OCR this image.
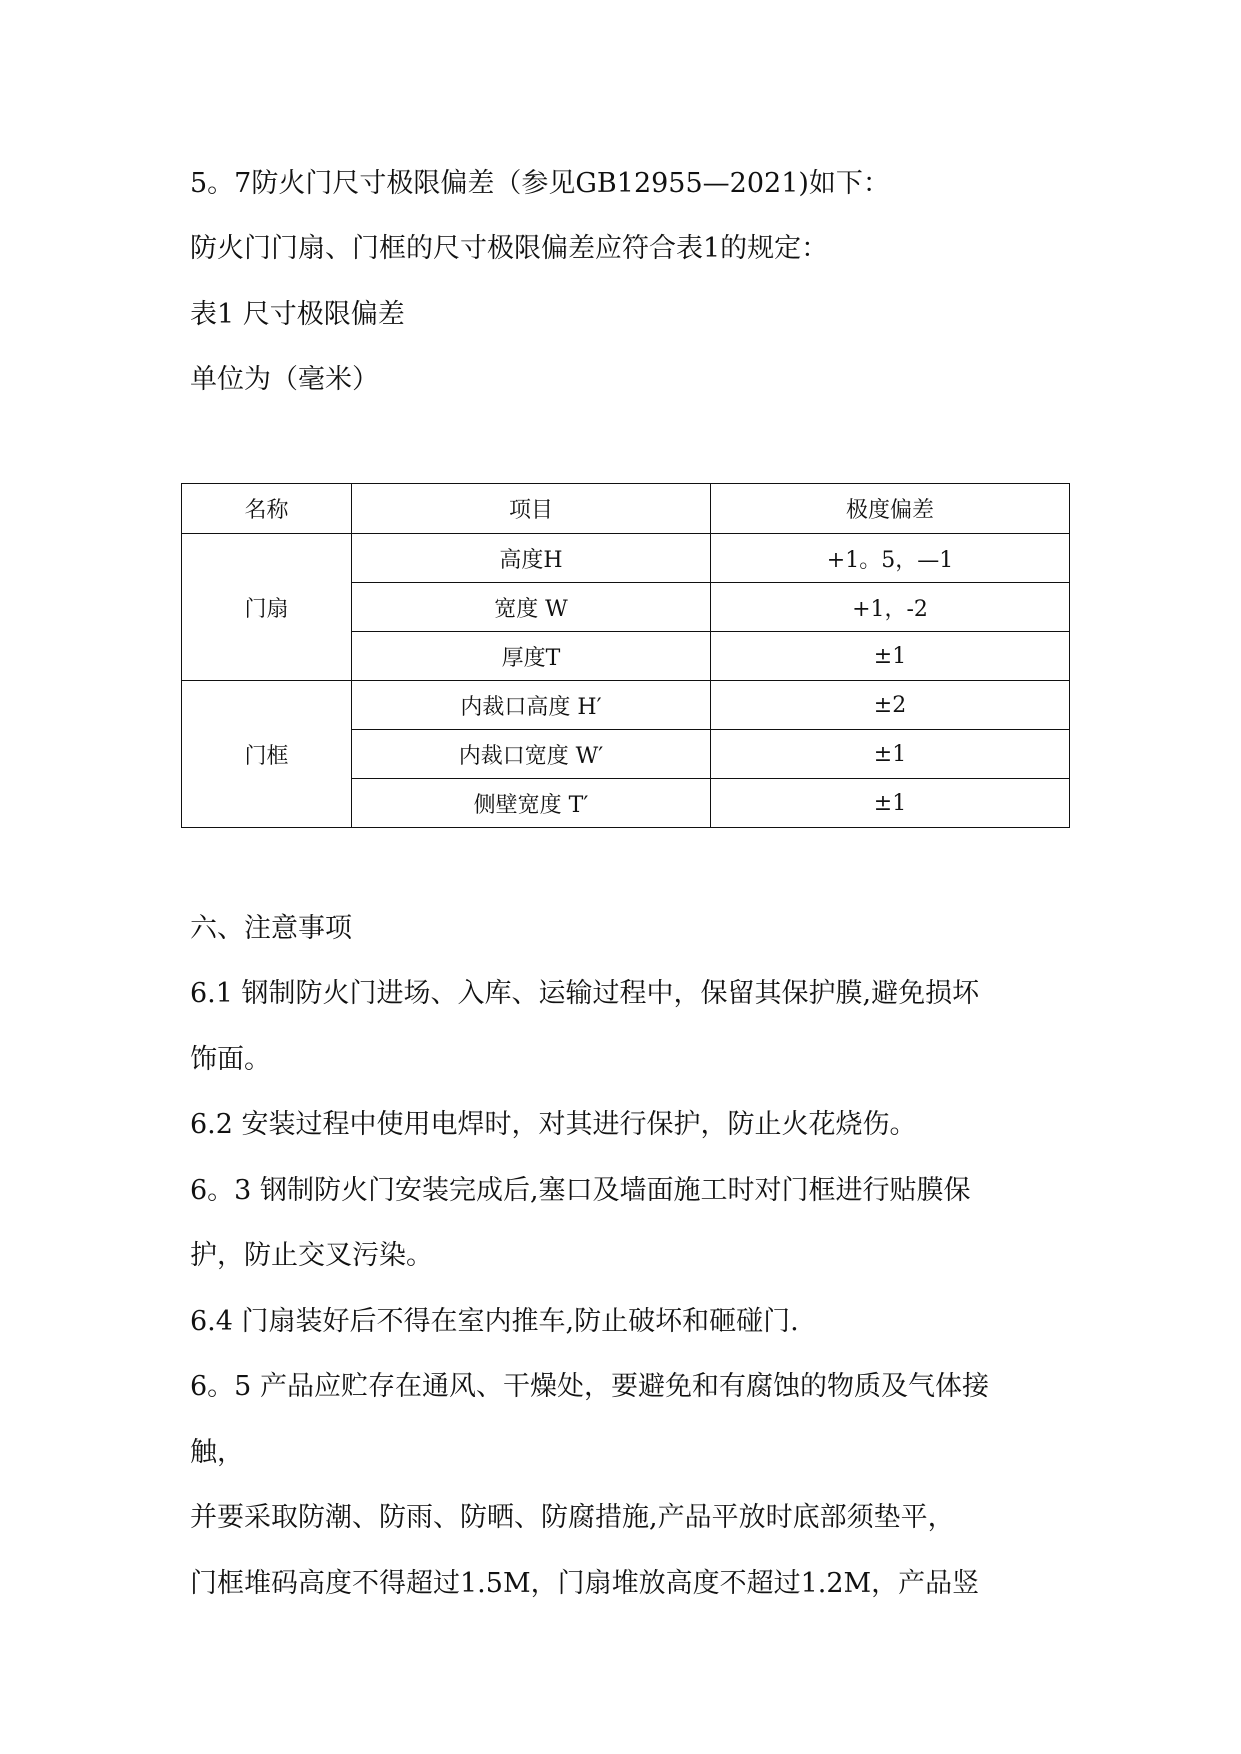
5。7防火门尺寸极限偏差（参见GB12955—2021)如下：
防火门门扇、门框的尺寸极限偏差应符合表1的规定：
表1 尺寸极限偏差
单位为（毫米）
名称	项目	极度偏差
门扇	高度H	+1。5，—1
	宽度 W	+1，-2
	厚度T	±1
门框	内裁口高度 H′	±2
	内裁口宽度 W′	±1
	侧壁宽度 T′	±1
六、注意事项
6.1 钢制防火门进场、入库、运输过程中，保留其保护膜,避免损坏
饰面。
6.2 安装过程中使用电焊时，对其进行保护，防止火花烧伤。
6。3 钢制防火门安装完成后,塞口及墙面施工时对门框进行贴膜保
护，防止交叉污染。
6.4 门扇装好后不得在室内推车,防止破坏和砸碰门.
6。5 产品应贮存在通风、干燥处，要避免和有腐蚀的物质及气体接
触，
并要采取防潮、防雨、防晒、防腐措施,产品平放时底部须垫平，
门框堆码高度不得超过1.5M，门扇堆放高度不超过1.2M，产品竖
